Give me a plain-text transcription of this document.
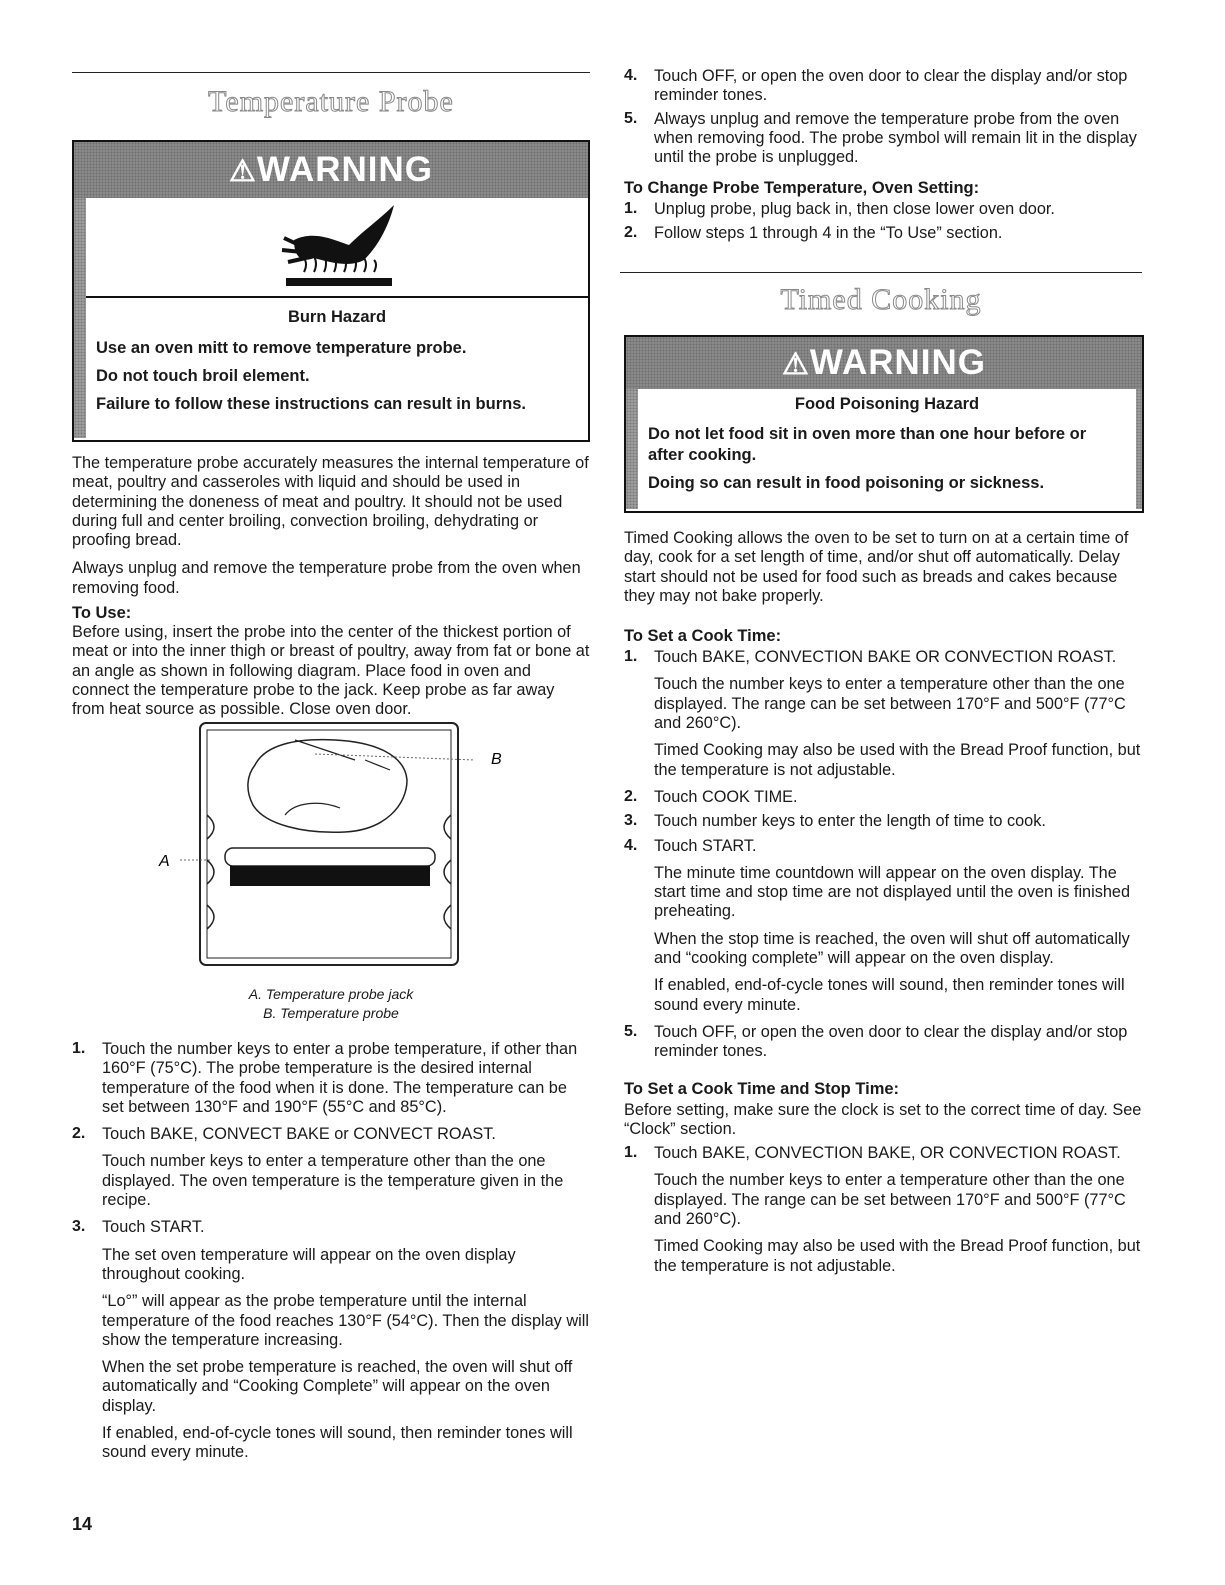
Temperature Probe
⚠WARNING

Burn Hazard

Use an oven mitt to remove temperature probe.

Do not touch broil element.

Failure to follow these instructions can result in burns.

The temperature probe accurately measures the internal temperature of meat, poultry and casseroles with liquid and should be used in determining the doneness of meat and poultry. It should not be used during full and center broiling, convection broiling, dehydrating or proofing bread.

Always unplug and remove the temperature probe from the oven when removing food.

To Use:

Before using, insert the probe into the center of the thickest portion of meat or into the inner thigh or breast of poultry, away from fat or bone at an angle as shown in following diagram. Place food in oven and connect the temperature probe to the jack. Keep probe as far away from heat source as possible. Close oven door.

B
A
A. Temperature probe jack
B. Temperature probe
1. Touch the number keys to enter a probe temperature, if other than 160°F (75°C). The probe temperature is the desired internal temperature of the food when it is done. The temperature can be set between 130°F and 190°F (55°C and 85°C).

2. Touch BAKE, CONVECT BAKE or CONVECT ROAST.

Touch number keys to enter a temperature other than the one displayed. The oven temperature is the temperature given in the recipe.

3. Touch START.

The set oven temperature will appear on the oven display throughout cooking.

“Lo°” will appear as the probe temperature until the internal temperature of the food reaches 130°F (54°C). Then the display will show the temperature increasing.

When the set probe temperature is reached, the oven will shut off automatically and “Cooking Complete” will appear on the oven display.

If enabled, end-of-cycle tones will sound, then reminder tones will sound every minute.

14
4. Touch OFF, or open the oven door to clear the display and/or stop reminder tones.

5. Always unplug and remove the temperature probe from the oven when removing food. The probe symbol will remain lit in the display until the probe is unplugged.

To Change Probe Temperature, Oven Setting:

1. Unplug probe, plug back in, then close lower oven door.

2. Follow steps 1 through 4 in the “To Use” section.

Timed Cooking
⚠WARNING

Food Poisoning Hazard

Do not let food sit in oven more than one hour before or after cooking.

Doing so can result in food poisoning or sickness.

Timed Cooking allows the oven to be set to turn on at a certain time of day, cook for a set length of time, and/or shut off automatically. Delay start should not be used for food such as breads and cakes because they may not bake properly.

To Set a Cook Time:

1. Touch BAKE, CONVECTION BAKE OR CONVECTION ROAST.

Touch the number keys to enter a temperature other than the one displayed. The range can be set between 170°F and 500°F (77°C and 260°C).

Timed Cooking may also be used with the Bread Proof function, but the temperature is not adjustable.

2. Touch COOK TIME.

3. Touch number keys to enter the length of time to cook.

4. Touch START.

The minute time countdown will appear on the oven display. The start time and stop time are not displayed until the oven is finished preheating.

When the stop time is reached, the oven will shut off automatically and “cooking complete” will appear on the oven display.

If enabled, end-of-cycle tones will sound, then reminder tones will sound every minute.

5. Touch OFF, or open the oven door to clear the display and/or stop reminder tones.

To Set a Cook Time and Stop Time:

Before setting, make sure the clock is set to the correct time of day. See “Clock” section.

1. Touch BAKE, CONVECTION BAKE, OR CONVECTION ROAST.

Touch the number keys to enter a temperature other than the one displayed. The range can be set between 170°F and 500°F (77°C and 260°C).

Timed Cooking may also be used with the Bread Proof function, but the temperature is not adjustable.
